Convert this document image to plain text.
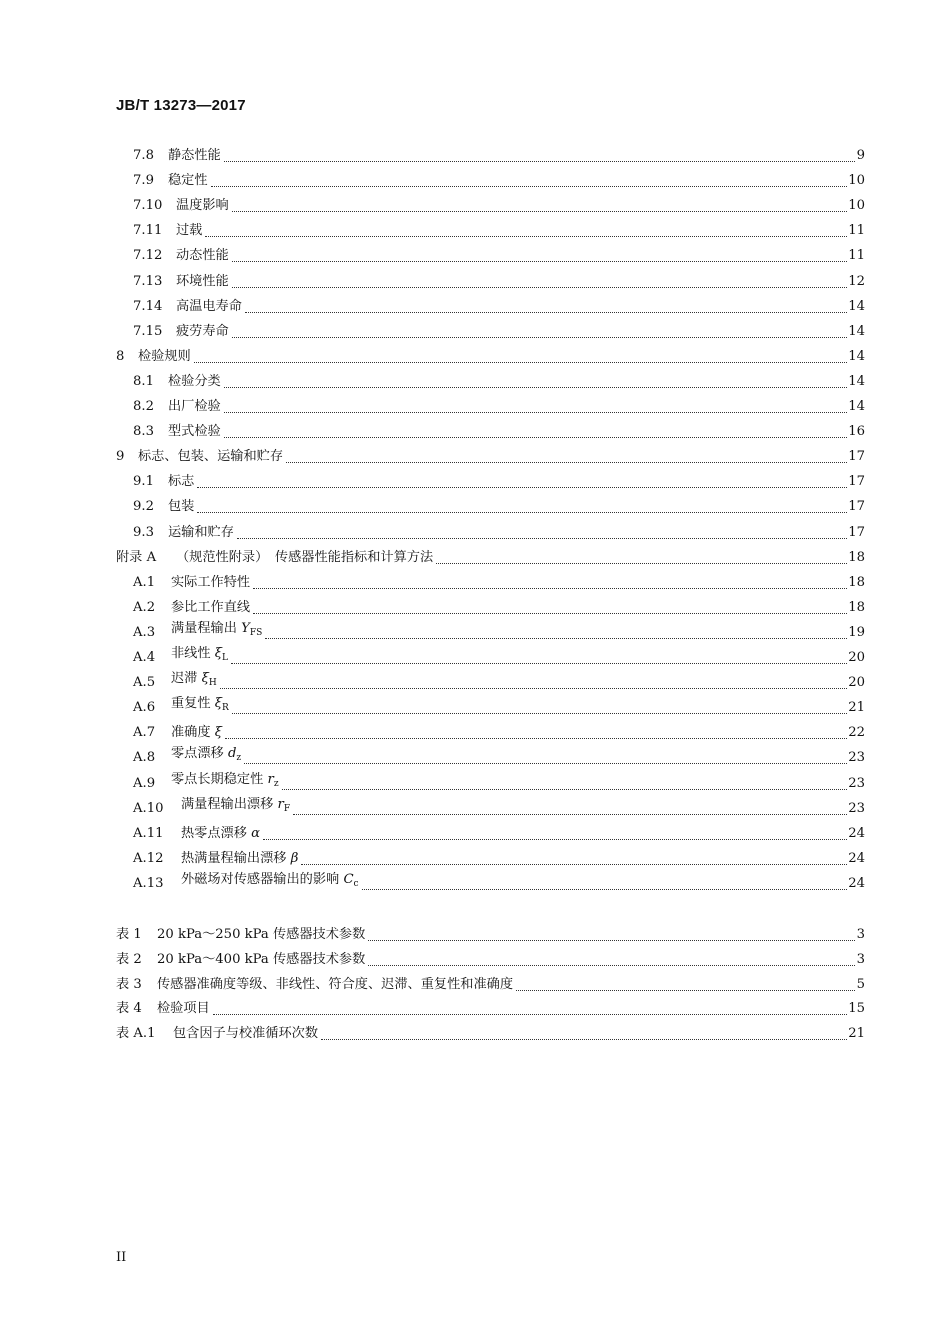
JB/T 13273—2017
7.8 静态性能	9
7.9 稳定性	10
7.10 温度影响	10
7.11 过载	11
7.12 动态性能	11
7.13 环境性能	12
7.14 高温电寿命	14
7.15 疲劳寿命	14
8 检验规则	14
8.1 检验分类	14
8.2 出厂检验	14
8.3 型式检验	16
9 标志、包装、运输和贮存	17
9.1 标志	17
9.2 包装	17
9.3 运输和贮存	17
附录 A （规范性附录）　传感器性能指标和计算方法	18
A.1 实际工作特性	18
A.2 参比工作直线	18
A.3 满量程输出 $Y_{FS}$	19
A.4 非线性 $\xi_L$	20
A.5 迟滞 $\xi_H$	20
A.6 重复性 $\xi_R$	21
A.7 准确度 ξ	22
A.8 零点漂移 $d_z$	23
A.9 零点长期稳定性 $r_z$	23
A.10 满量程输出漂移 $r_F$	23
A.11 热零点漂移 α	24
A.12 热满量程输出漂移 β	24
A.13 外磁场对传感器输出的影响 $C_c$	24
表 1 20 kPa～250 kPa 传感器技术参数	3
表 2 20 kPa～400 kPa 传感器技术参数	3
表 3 传感器准确度等级、非线性、符合度、迟滞、重复性和准确度	5
表 4 检验项目	15
表 A.1 包含因子与校准循环次数	21
II
